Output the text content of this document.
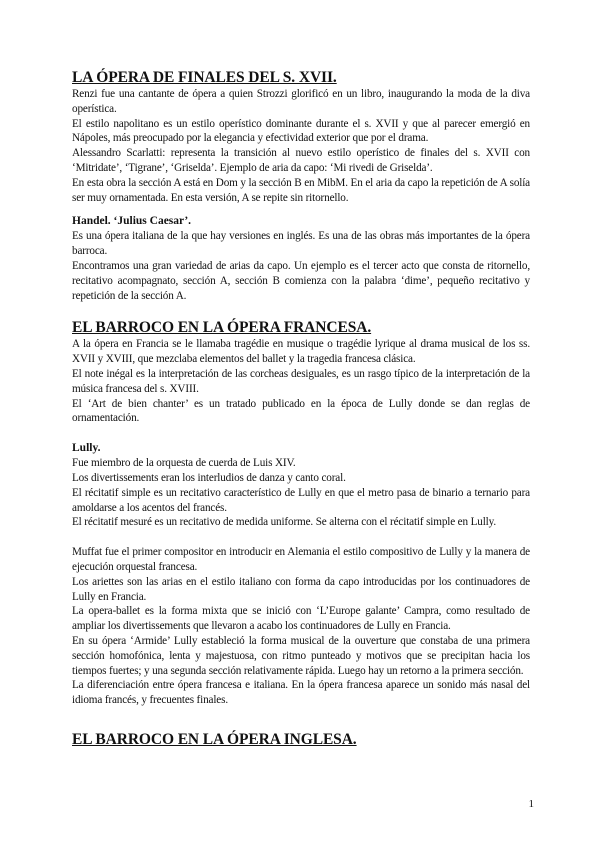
LA ÓPERA DE FINALES DEL S. XVII.

Renzi fue una cantante de ópera a quien Strozzi glorificó en un libro, inaugurando la moda de la diva operística.

El estilo napolitano es un estilo operístico dominante durante el s. XVII y que al parecer emergió en Nápoles, más preocupado por la elegancia y efectividad exterior que por el drama.

Alessandro Scarlatti: representa la transición al nuevo estilo operístico de finales del s. XVII con ‘Mitridate’, ‘Tigrane’, ‘Griselda’. Ejemplo de aria da capo: ‘Mi rivedi de Griselda’.

En esta obra la sección A está en Dom y la sección B en MibM. En el aria da capo la repetición de A solía ser muy ornamentada. En esta versión, A se repite sin ritornello.

Handel. ‘Julius Caesar’.

Es una ópera italiana de la que hay versiones en inglés. Es una de las obras más importantes de la ópera barroca.

Encontramos una gran variedad de arias da capo. Un ejemplo es el tercer acto que consta de ritornello, recitativo acompagnato, sección A, sección B comienza con la palabra ‘dime’, pequeño recitativo y repetición de la sección A.

EL BARROCO EN LA ÓPERA FRANCESA.

A la ópera en Francia se le llamaba tragédie en musique o tragédie lyrique al drama musical de los ss. XVII y XVIII, que mezclaba elementos del ballet y la tragedia francesa clásica.

El note inégal es la interpretación de las corcheas desiguales, es un rasgo típico de la interpretación de la música francesa del s. XVIII.

El ‘Art de bien chanter’ es un tratado publicado en la época de Lully donde se dan reglas de ornamentación.

Lully.

Fue miembro de la orquesta de cuerda de Luis XIV.

Los divertissements eran los interludios de danza y canto coral.

El récitatif simple es un recitativo característico de Lully en que el metro pasa de binario a ternario para amoldarse a los acentos del francés.

El récitatif mesuré es un recitativo de medida uniforme. Se alterna con el récitatif simple en Lully.

Muffat fue el primer compositor en introducir en Alemania el estilo compositivo de Lully y la manera de ejecución orquestal francesa.

Los ariettes son las arias en el estilo italiano con forma da capo introducidas por los continuadores de Lully en Francia.

La opera-ballet es la forma mixta que se inició con ‘L’Europe galante’ Campra, como resultado de ampliar los divertissements que llevaron a acabo los continuadores de Lully en Francia.

En su ópera ‘Armide’ Lully estableció la forma musical de la ouverture que constaba de una primera sección homofónica, lenta y majestuosa, con ritmo punteado y motivos que se precipitan hacia los tiempos fuertes; y una segunda sección relativamente rápida. Luego hay un retorno a la primera sección.

La diferenciación entre ópera francesa e italiana. En la ópera francesa aparece un sonido más nasal del idioma francés, y frecuentes finales.

EL BARROCO EN LA ÓPERA INGLESA.
1
